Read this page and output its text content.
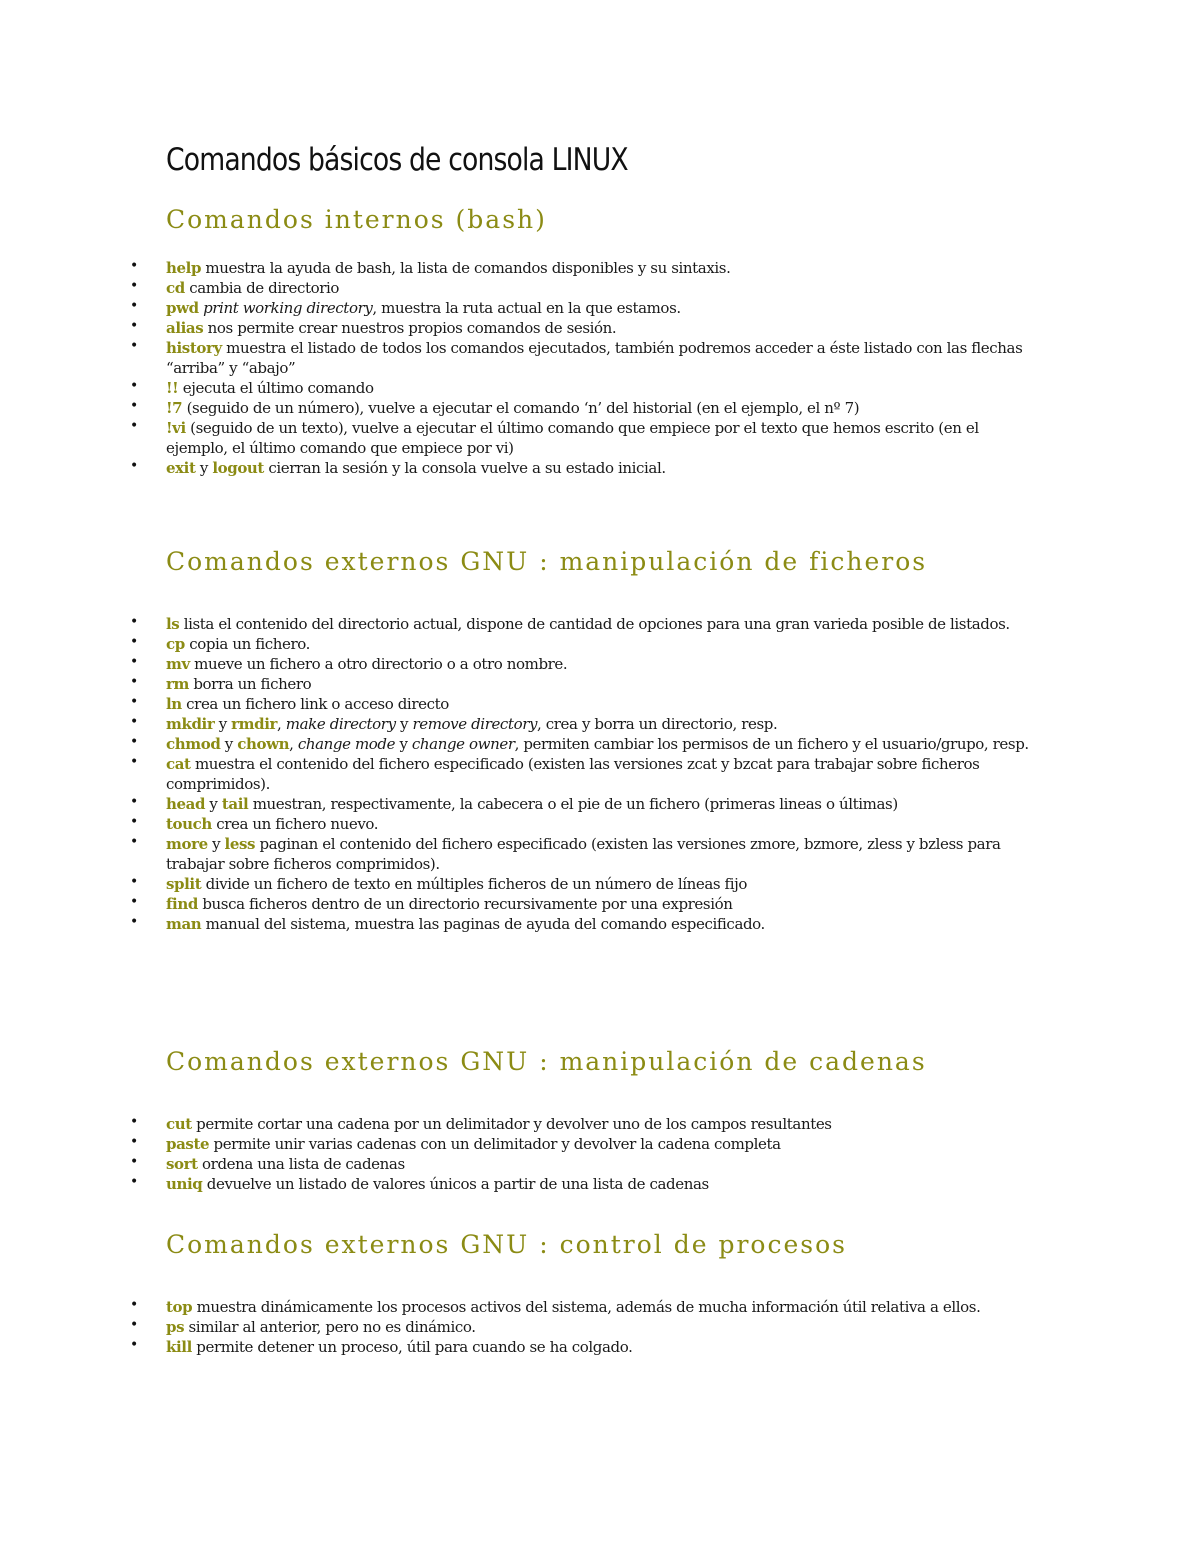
Comandos básicos de consola LINUX
Comandos internos (bash)
• help muestra la ayuda de bash, la lista de comandos disponibles y su sintaxis.
• cd cambia de directorio
• pwd print working directory, muestra la ruta actual en la que estamos.
• alias nos permite crear nuestros propios comandos de sesión.
• history muestra el listado de todos los comandos ejecutados, también podremos acceder a éste listado con las flechas “arriba” y “abajo”
• !! ejecuta el último comando
• !7 (seguido de un número), vuelve a ejecutar el comando ‘n’ del historial (en el ejemplo, el nº 7)
• !vi (seguido de un texto), vuelve a ejecutar el último comando que empiece por el texto que hemos escrito (en el ejemplo, el último comando que empiece por vi)
• exit y logout cierran la sesión y la consola vuelve a su estado inicial.
Comandos externos GNU : manipulación de ficheros
• ls lista el contenido del directorio actual, dispone de cantidad de opciones para una gran varieda posible de listados.
• cp copia un fichero.
• mv mueve un fichero a otro directorio o a otro nombre.
• rm borra un fichero
• ln crea un fichero link o acceso directo
• mkdir y rmdir, make directory y remove directory, crea y borra un directorio, resp.
• chmod y chown, change mode y change owner, permiten cambiar los permisos de un fichero y el usuario/grupo, resp.
• cat muestra el contenido del fichero especificado (existen las versiones zcat y bzcat para trabajar sobre ficheros comprimidos).
• head y tail muestran, respectivamente, la cabecera o el pie de un fichero (primeras lineas o últimas)
• touch crea un fichero nuevo.
• more y less paginan el contenido del fichero especificado (existen las versiones zmore, bzmore, zless y bzless para trabajar sobre ficheros comprimidos).
• split divide un fichero de texto en múltiples ficheros de un número de líneas fijo
• find busca ficheros dentro de un directorio recursivamente por una expresión
• man manual del sistema, muestra las paginas de ayuda del comando especificado.
Comandos externos GNU : manipulación de cadenas
• cut permite cortar una cadena por un delimitador y devolver uno de los campos resultantes
• paste permite unir varias cadenas con un delimitador y devolver la cadena completa
• sort ordena una lista de cadenas
• uniq devuelve un listado de valores únicos a partir de una lista de cadenas
Comandos externos GNU : control de procesos
• top muestra dinámicamente los procesos activos del sistema, además de mucha información útil relativa a ellos.
• ps similar al anterior, pero no es dinámico.
• kill permite detener un proceso, útil para cuando se ha colgado.
